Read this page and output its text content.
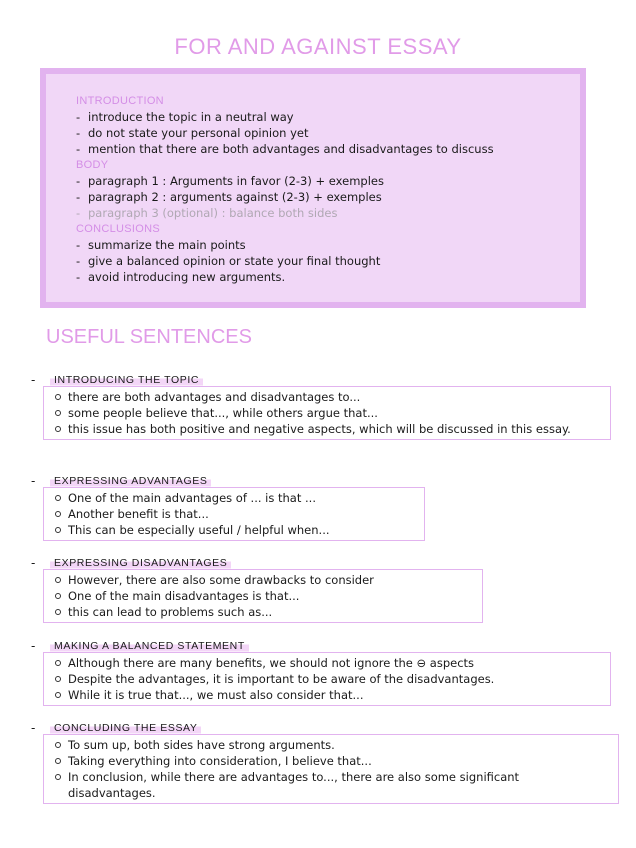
FOR AND AGAINST ESSAY
INTRODUCTION
- introduce the topic in a neutral way
- do not state your personal opinion yet
- mention that there are both advantages and disadvantages to discuss
BODY
- paragraph 1 : Arguments in favor (2-3) + exemples
- paragraph 2 : arguments against (2-3) + exemples
- paragraph 3 (optional) : balance both sides
CONCLUSIONS
- summarize the main points
- give a balanced opinion or state your final thought
- avoid introducing new arguments.
USEFUL SENTENCES
-	INTRODUCING THE TOPIC
there are both advantages and disadvantages to...
some people believe that..., while others argue that...
this issue has both positive and negative aspects, which will be discussed in this essay.
-	EXPRESSING ADVANTAGES
One of the main advantages of ... is that ...
Another benefit is that...
This can be especially useful / helpful when...
-	EXPRESSING DISADVANTAGES
However, there are also some drawbacks to consider
One of the main disadvantages is that...
this can lead to problems such as...
-	MAKING A BALANCED STATEMENT
Although there are many benefits, we should not ignore the ⊖ aspects
Despite the advantages, it is important to be aware of the disadvantages.
While it is true that..., we must also consider that...
-	CONCLUDING THE ESSAY
To sum up, both sides have strong arguments.
Taking everything into consideration, I believe that...
In conclusion, while there are advantages to..., there are also some significant disadvantages.
